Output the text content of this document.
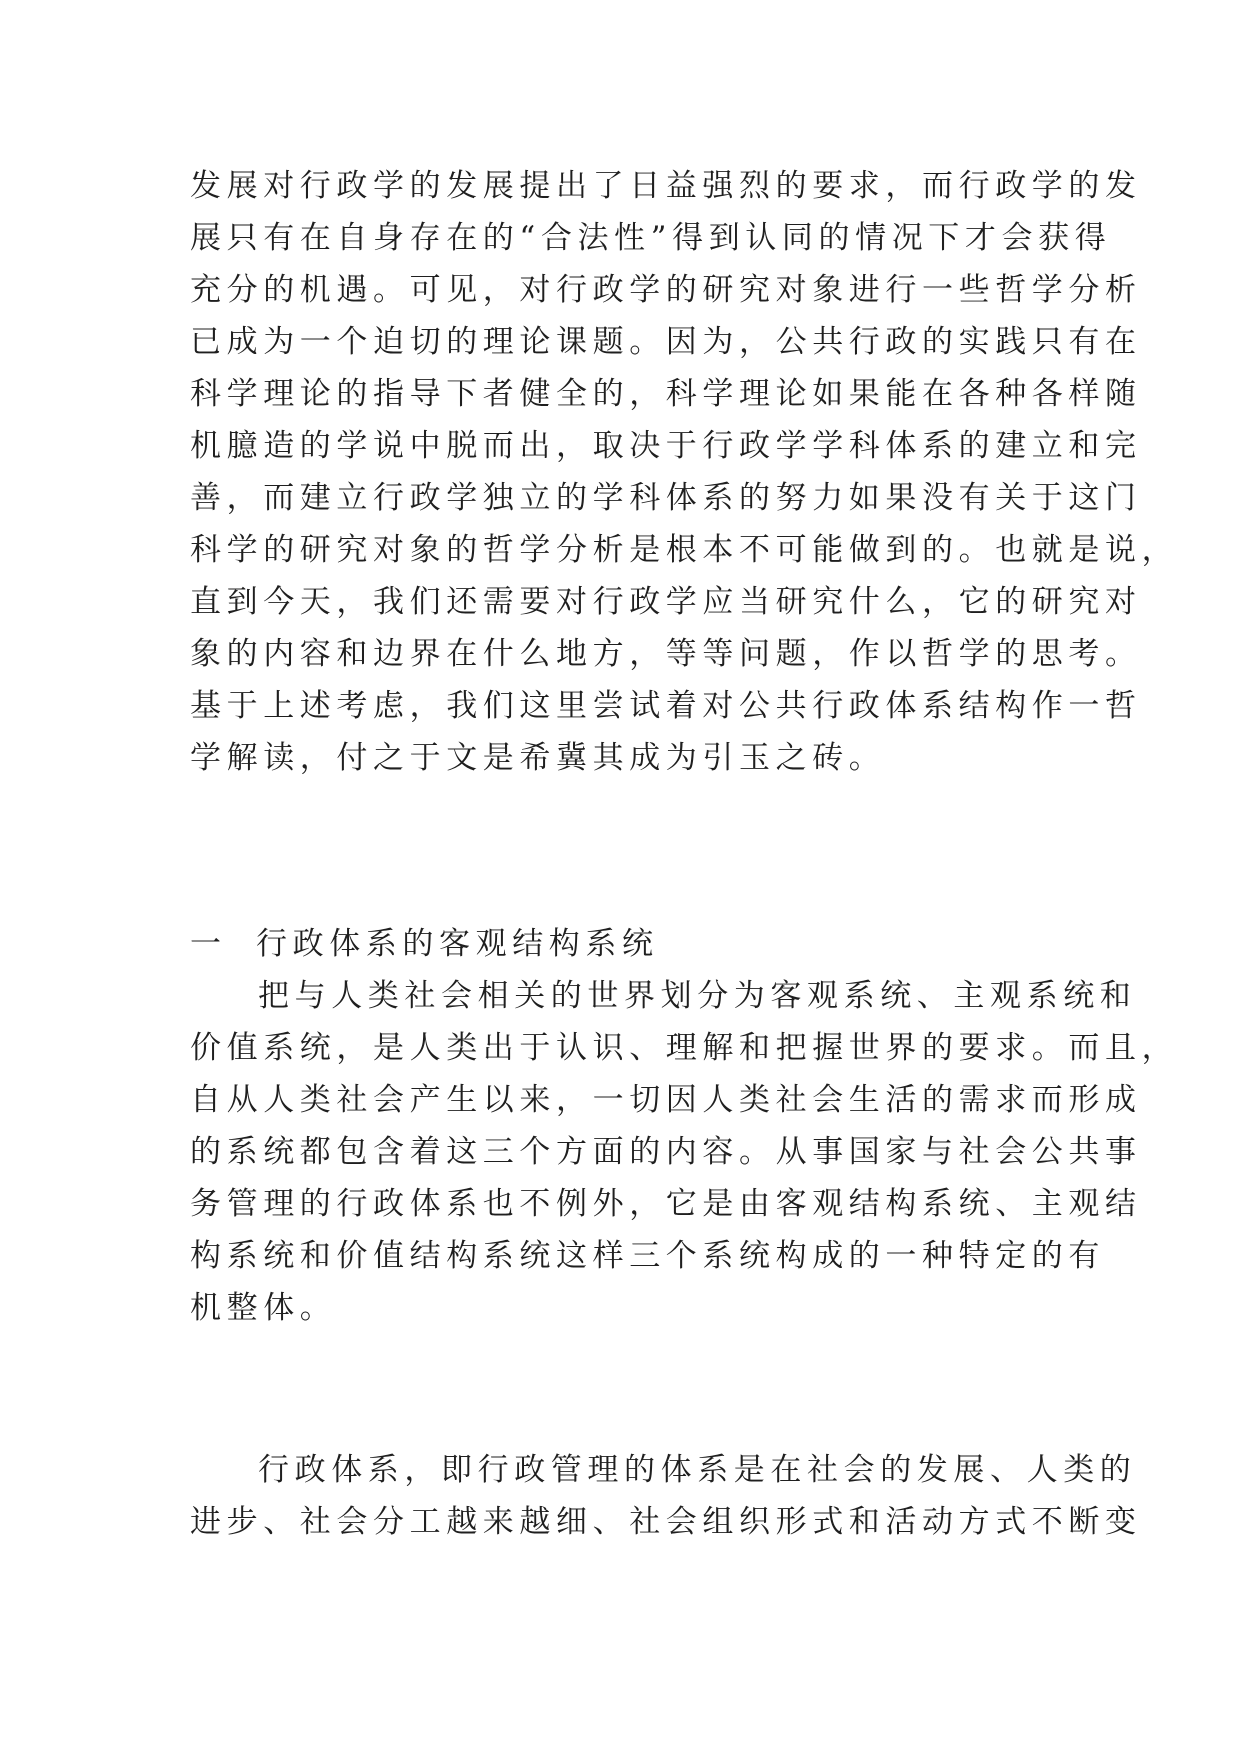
发展对行政学的发展提出了日益强烈的要求，而行政学的发
展只有在自身存在的“合法性”得到认同的情况下才会获得
充分的机遇。可见，对行政学的研究对象进行一些哲学分析
已成为一个迫切的理论课题。因为，公共行政的实践只有在
科学理论的指导下者健全的，科学理论如果能在各种各样随
机臆造的学说中脱而出，取决于行政学学科体系的建立和完
善，而建立行政学独立的学科体系的努力如果没有关于这门
科学的研究对象的哲学分析是根本不可能做到的。也就是说，
直到今天，我们还需要对行政学应当研究什么，它的研究对
象的内容和边界在什么地方，等等问题，作以哲学的思考。
基于上述考虑，我们这里尝试着对公共行政体系结构作一哲
学解读，付之于文是希冀其成为引玉之砖。
一 行政体系的客观结构系统
把与人类社会相关的世界划分为客观系统、主观系统和
价值系统，是人类出于认识、理解和把握世界的要求。而且，
自从人类社会产生以来，一切因人类社会生活的需求而形成
的系统都包含着这三个方面的内容。从事国家与社会公共事
务管理的行政体系也不例外，它是由客观结构系统、主观结
构系统和价值结构系统这样三个系统构成的一种特定的有
机整体。
行政体系，即行政管理的体系是在社会的发展、人类的
进步、社会分工越来越细、社会组织形式和活动方式不断变
